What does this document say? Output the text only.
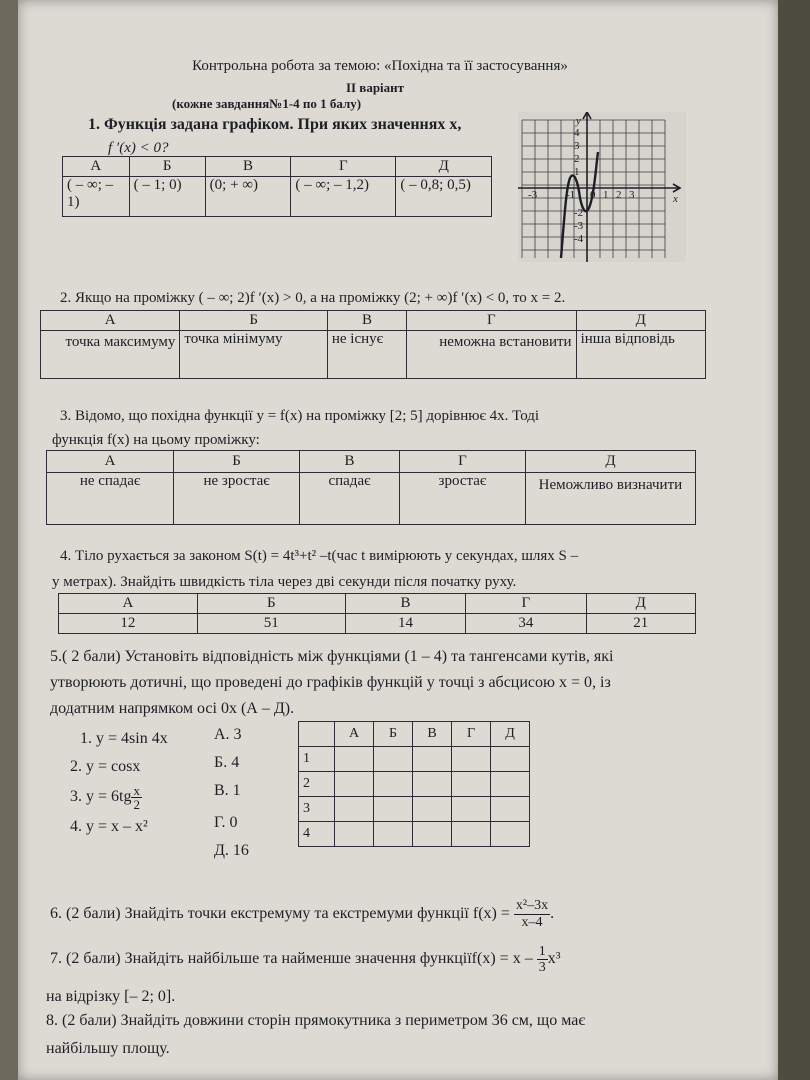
Контрольна робота за темою: «Похідна та її застосування»
ІІ варіант
(кожне завдання№1-4 по 1 балу)
1. Функція задана графіком. При яких значеннях x,
f ′(x) < 0?
А	Б	В	Г	Д
( – ∞; – 1)	( – 1; 0)	(0; + ∞)	( – ∞; – 1,2)	( – 0,8; 0,5)
y
x
4
3
2
1
-2
-3
-4
-3	-1 0 1 2 3
2. Якщо на проміжку ( – ∞; 2)f ′(x) > 0, а на проміжку (2; + ∞)f ′(x) < 0, то x = 2.
А	Б	В	Г	Д
точка максимуму	точка мінімуму	не існує	неможна встановити	інша відповідь
3. Відомо, що похідна функції y = f(x) на проміжку [2; 5] дорівнює 4x. Тоді
функція f(x) на цьому проміжку:
А	Б	В	Г	Д
не спадає	не зростає	спадає	зростає	Неможливо визначити
4. Тіло рухається за законом S(t) = 4t³+t² –t(час t вимірюють у секундах, шлях S –
у метрах). Знайдіть швидкість тіла через дві секунди після початку руху.
А	Б	В	Г	Д
12	51	14	34	21
5.( 2 бали) Установіть відповідність між функціями (1 – 4) та тангенсами кутів, які
утворюють дотичні, що проведені до графіків функцій у точці з абсцисою x = 0, із
додатним напрямком осі 0x (А – Д).
1. y = 4sin 4x
2. y = cosx
3. $y = 6tg \frac{x}{2}$
4. y = x – x²
А. 3
Б. 4
В. 1
Г. 0
Д. 16
	А	Б	В	Г	Д
1					
2					
3					
4					
6. (2 бали) Знайдіть точки екстремуму та екстремуми функції $f(x) = \frac{\text{x²–3x}}{x-4}$ .
7. (2 бали) Знайдіть найбільше та найменше значення функціїf(x) = x – $\frac{1}{3} x^3$
на відрізку [– 2; 0].
8. (2 бали) Знайдіть довжини сторін прямокутника з периметром 36 см, що має
найбільшу площу.
